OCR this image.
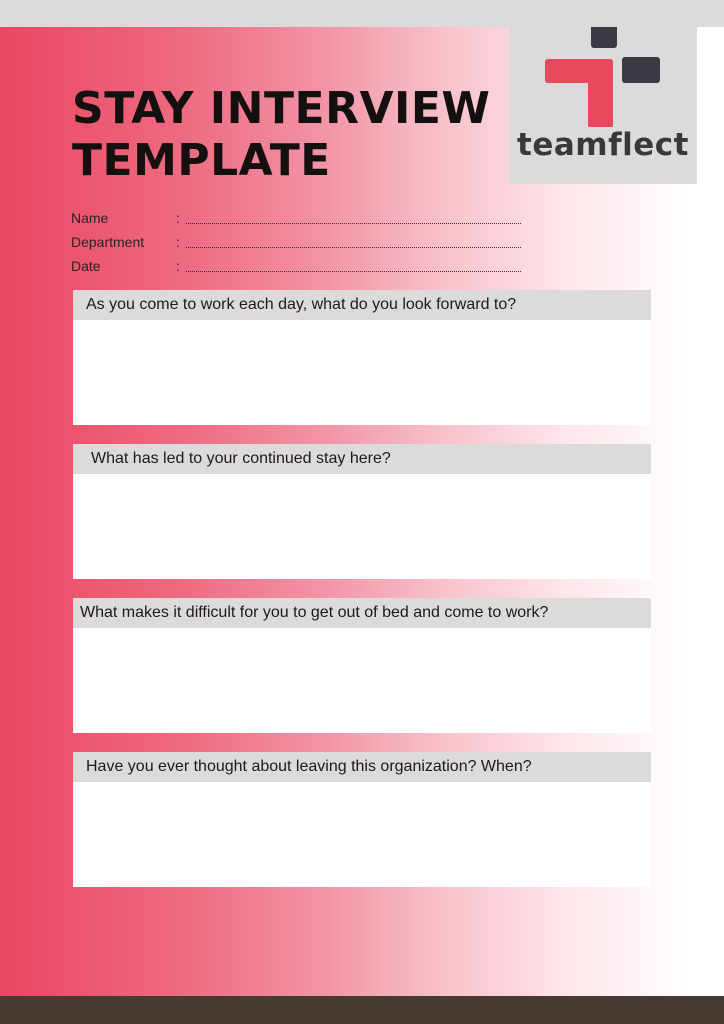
teamflect
STAY INTERVIEW
TEMPLATE
Name	:
Department :
Date	:
As you come to work each day, what do you look forward to?
What has led to your continued stay here?
What makes it difficult for you to get out of bed and come to work?
Have you ever thought about leaving this organization? When?
